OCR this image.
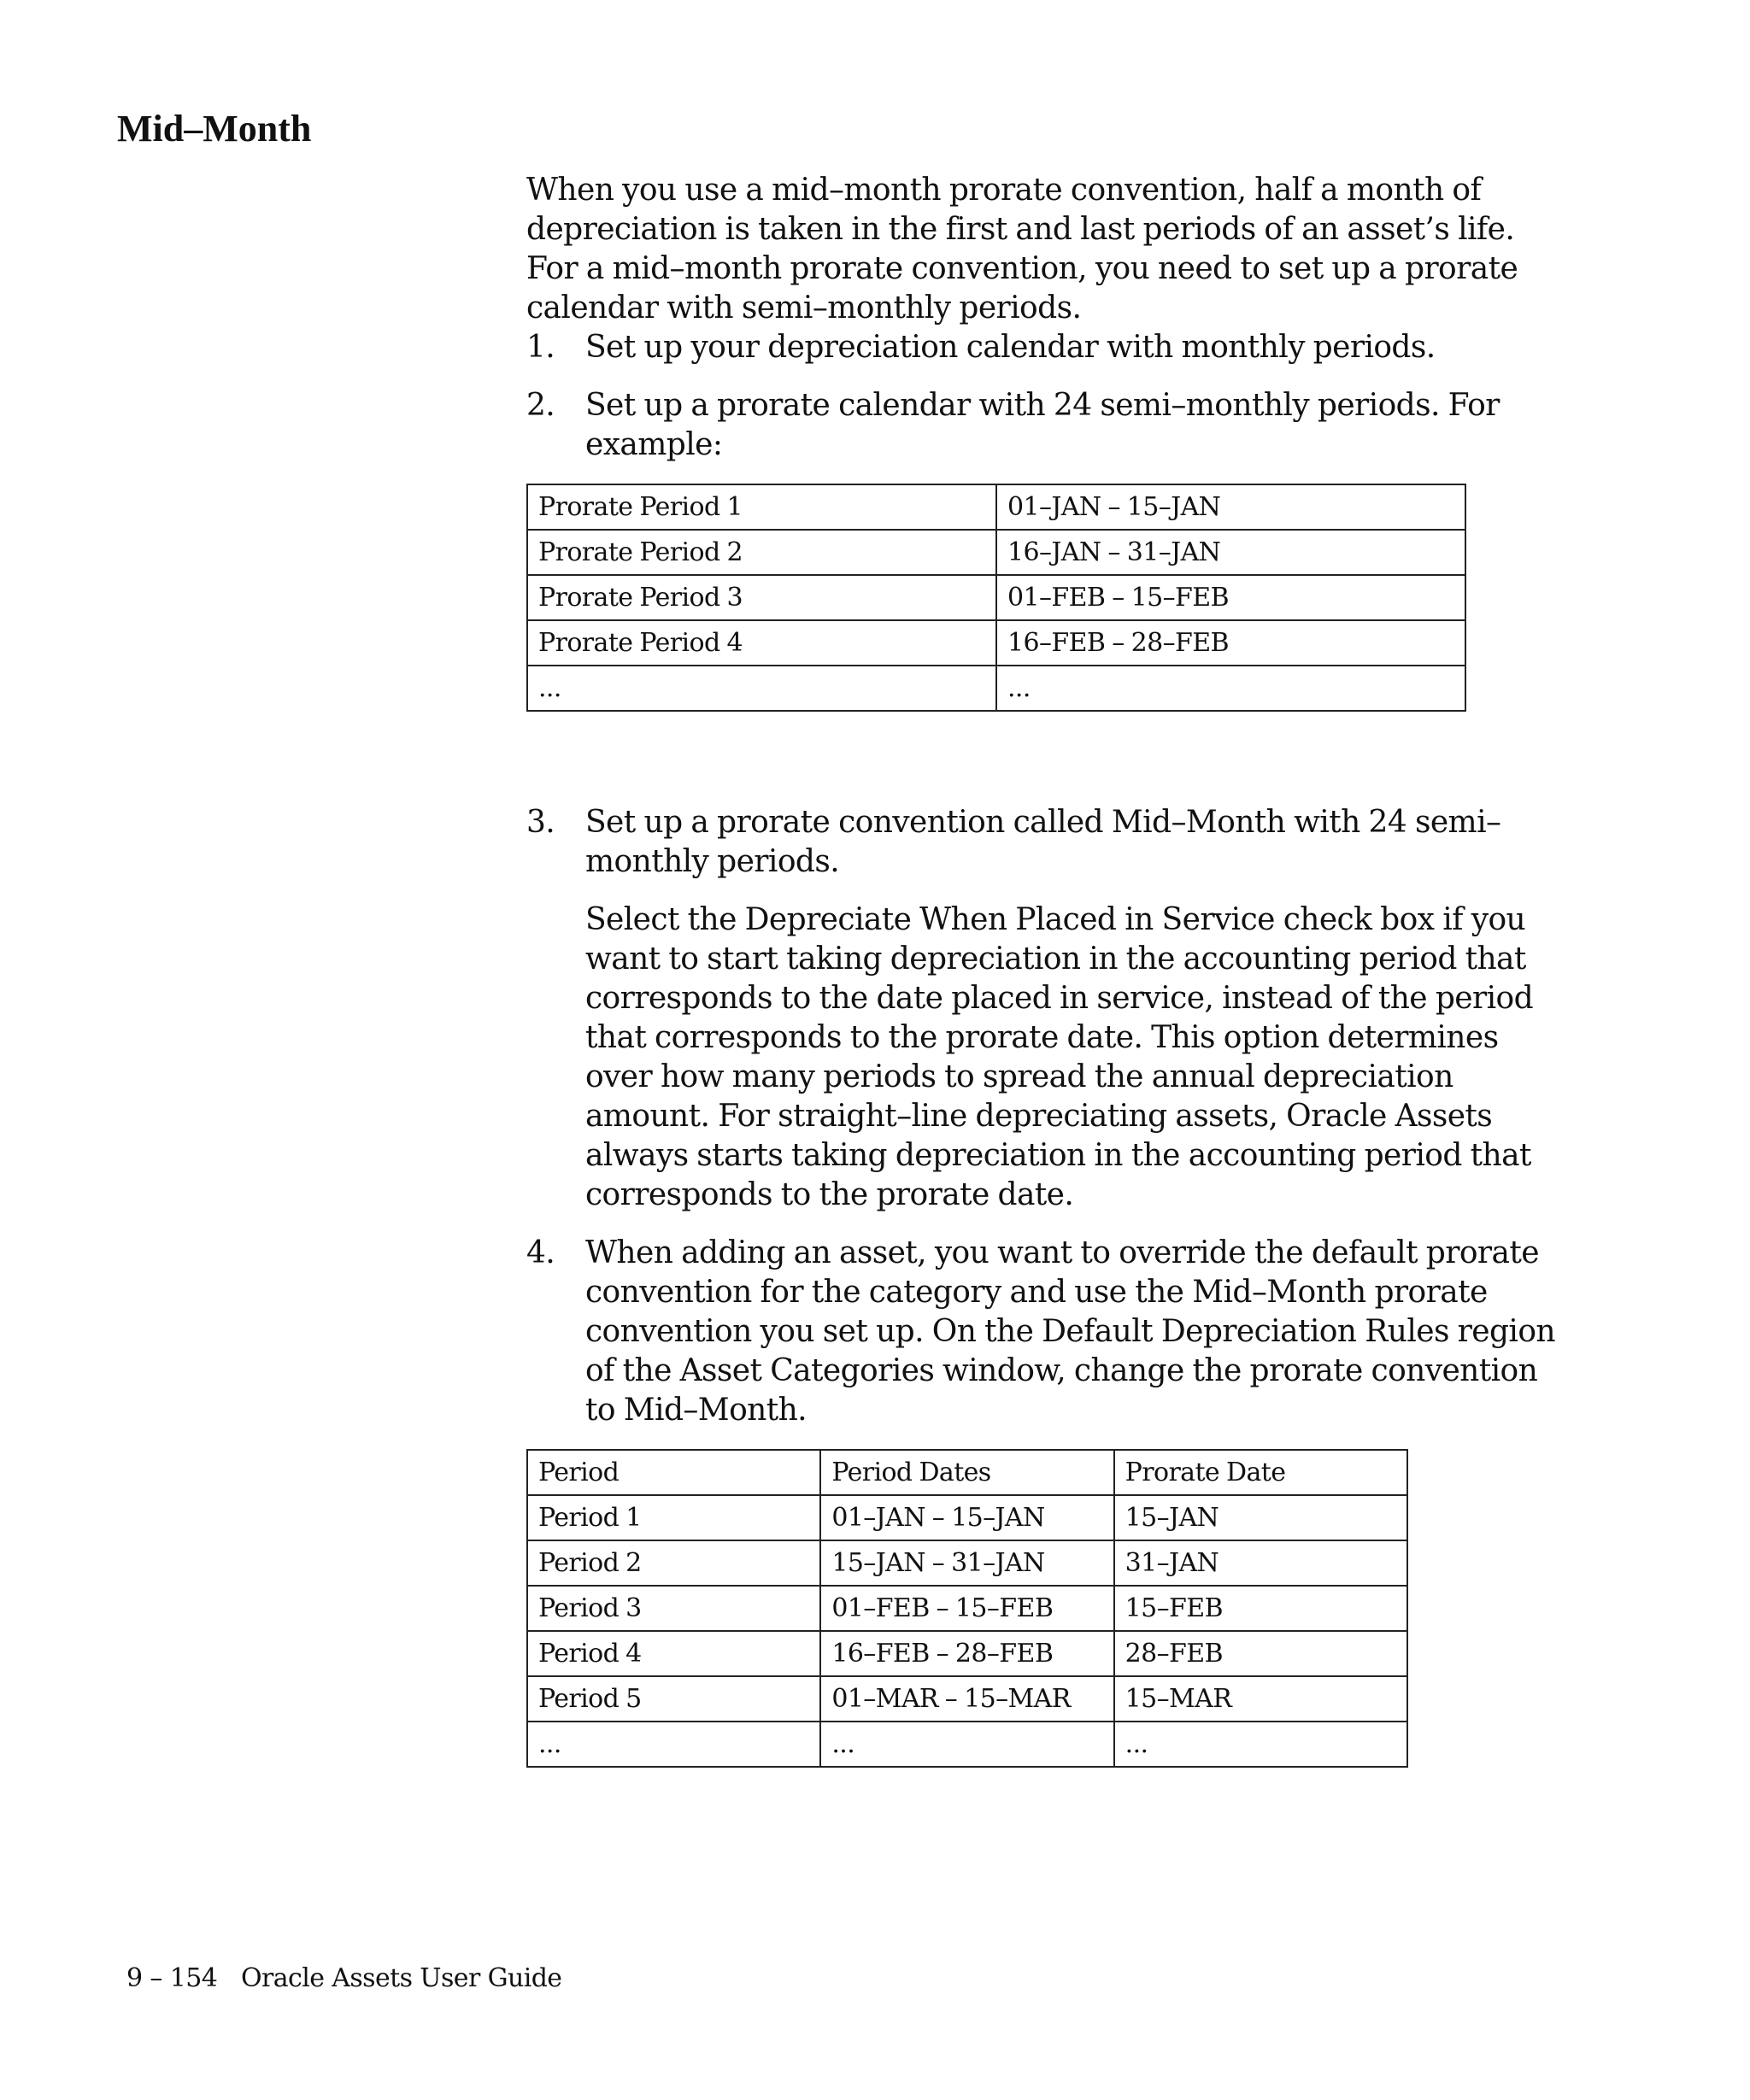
Mid–Month

When you use a mid–month prorate convention, half a month of depreciation is taken in the first and last periods of an asset’s life. For a mid–month prorate convention, you need to set up a prorate calendar with semi–monthly periods.

1. Set up your depreciation calendar with monthly periods.

2. Set up a prorate calendar with 24 semi–monthly periods. For example:

Prorate Period 1	01–JAN – 15–JAN
Prorate Period 2	16–JAN – 31–JAN
Prorate Period 3	01–FEB – 15–FEB
Prorate Period 4	16–FEB – 28–FEB
...	...
3. Set up a prorate convention called Mid–Month with 24 semi–monthly periods.

Select the Depreciate When Placed in Service check box if you want to start taking depreciation in the accounting period that corresponds to the date placed in service, instead of the period that corresponds to the prorate date. This option determines over how many periods to spread the annual depreciation amount. For straight–line depreciating assets, Oracle Assets always starts taking depreciation in the accounting period that corresponds to the prorate date.

4. When adding an asset, you want to override the default prorate convention for the category and use the Mid–Month prorate convention you set up. On the Default Depreciation Rules region of the Asset Categories window, change the prorate convention to Mid–Month.

Period	Period Dates	Prorate Date
Period 1	01–JAN – 15–JAN	15–JAN
Period 2	15–JAN – 31–JAN	31–JAN
Period 3	01–FEB – 15–FEB	15–FEB
Period 4	16–FEB – 28–FEB	28–FEB
Period 5	01–MAR – 15–MAR	15–MAR
...	...	...
9 – 154 Oracle Assets User Guide
